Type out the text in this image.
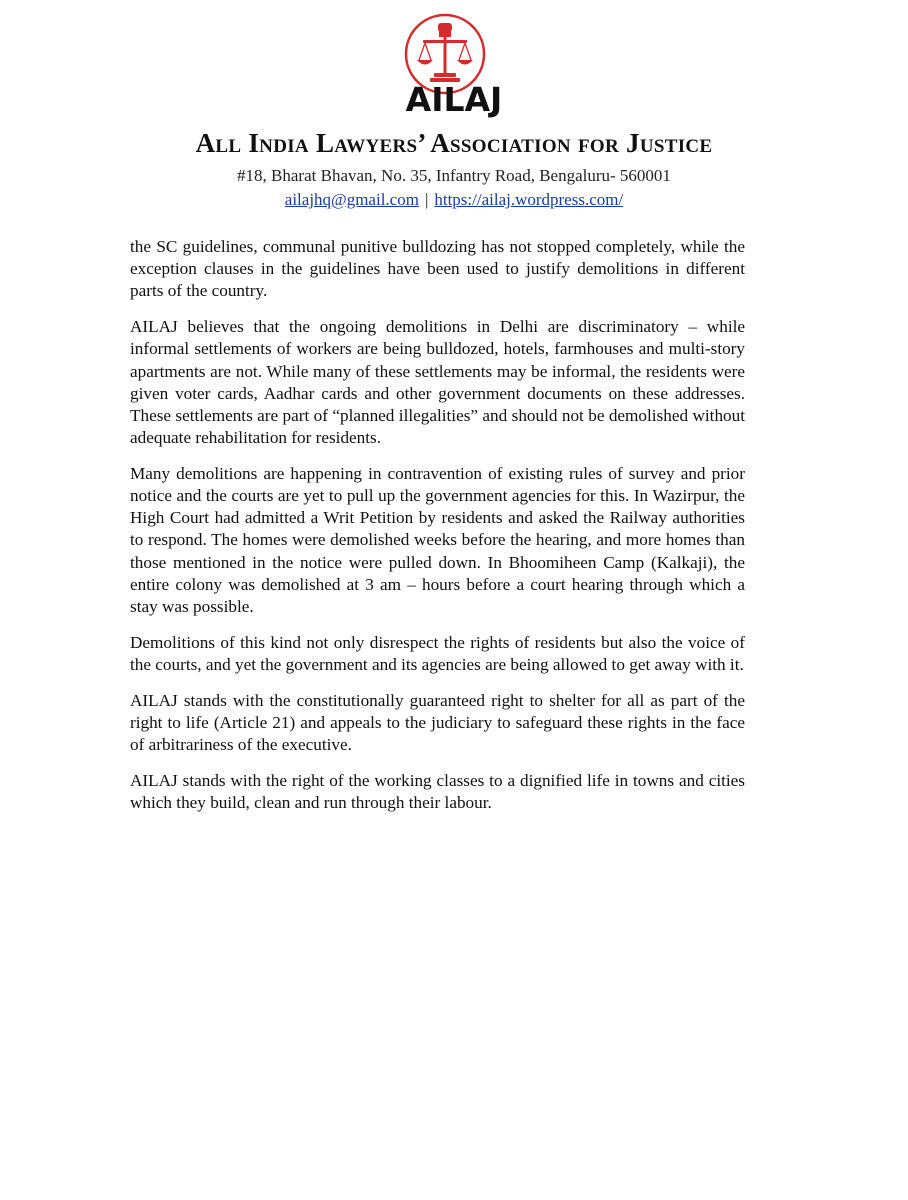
AILAJ
All India Lawyers’ Association for Justice
#18, Bharat Bhavan, No. 35, Infantry Road, Bengaluru- 560001
ailajhq@gmail.com | https://ailaj.wordpress.com/

the SC guidelines, communal punitive bulldozing has not stopped completely, while the exception clauses in the guidelines have been used to justify demolitions in different parts of the country.

AILAJ believes that the ongoing demolitions in Delhi are discriminatory – while informal settlements of workers are being bulldozed, hotels, farmhouses and multi-story apartments are not. While many of these settlements may be informal, the residents were given voter cards, Aadhar cards and other government documents on these addresses. These settlements are part of “planned illegalities” and should not be demolished without adequate rehabilitation for residents.

Many demolitions are happening in contravention of existing rules of survey and prior notice and the courts are yet to pull up the government agencies for this. In Wazirpur, the High Court had admitted a Writ Petition by residents and asked the Railway authorities to respond. The homes were demolished weeks before the hearing, and more homes than those mentioned in the notice were pulled down. In Bhoomiheen Camp (Kalkaji), the entire colony was demolished at 3 am – hours before a court hearing through which a stay was possible.

Demolitions of this kind not only disrespect the rights of residents but also the voice of the courts, and yet the government and its agencies are being allowed to get away with it.

AILAJ stands with the constitutionally guaranteed right to shelter for all as part of the right to life (Article 21) and appeals to the judiciary to safeguard these rights in the face of arbitrariness of the executive.

AILAJ stands with the right of the working classes to a dignified life in towns and cities which they build, clean and run through their labour.
